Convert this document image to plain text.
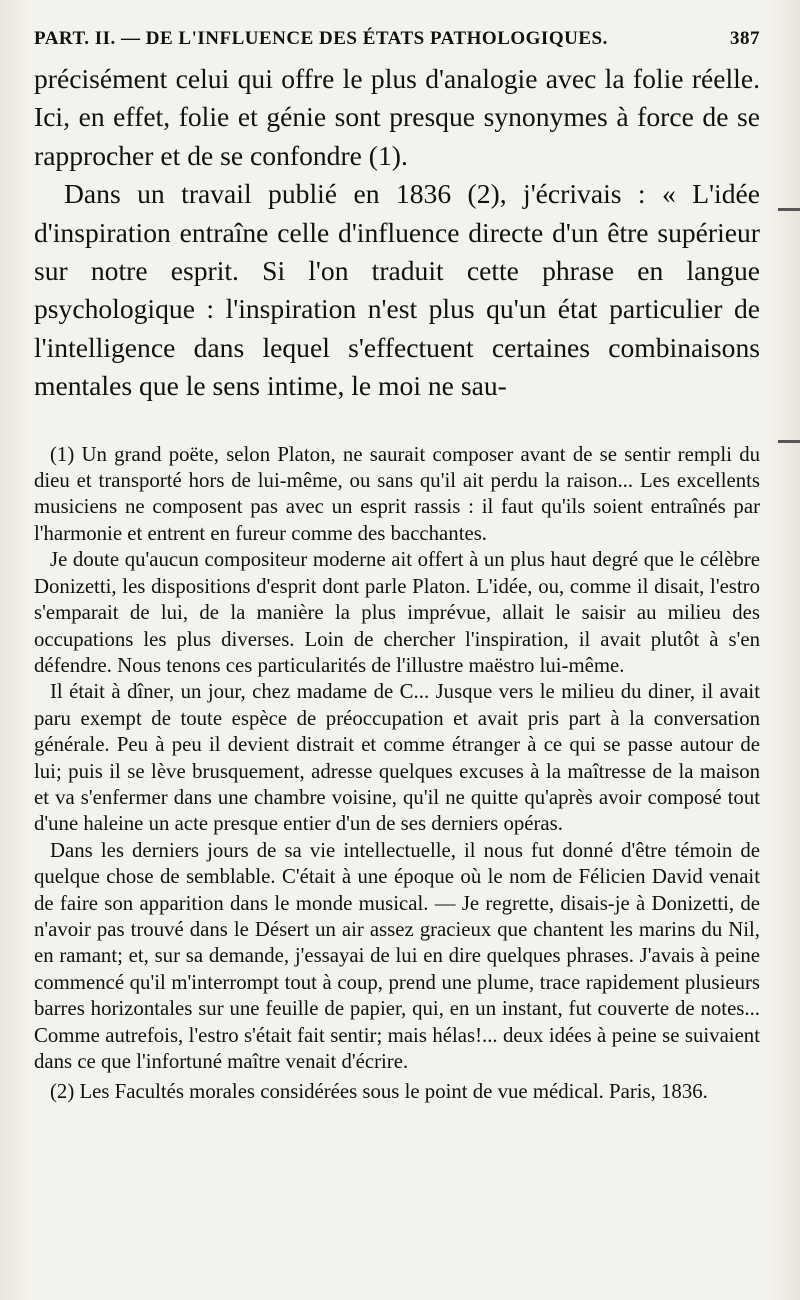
PART. II. — DE L'INFLUENCE DES ÉTATS PATHOLOGIQUES.	387

précisément celui qui offre le plus d'analogie avec la folie réelle. Ici, en effet, folie et génie sont presque synonymes à force de se rapprocher et de se confondre (1).

Dans un travail publié en 1836 (2), j'écrivais : « L'idée d'inspiration entraîne celle d'influence directe d'un être supérieur sur notre esprit. Si l'on traduit cette phrase en langue psychologique : l'inspiration n'est plus qu'un état particulier de l'intelligence dans lequel s'effectuent certaines combinaisons mentales que le sens intime, le moi ne sau-

(1) Un grand poëte, selon Platon, ne saurait composer avant de se sentir rempli du dieu et transporté hors de lui-même, ou sans qu'il ait perdu la raison... Les excellents musiciens ne composent pas avec un esprit rassis : il faut qu'ils soient entraînés par l'harmonie et entrent en fureur comme des bacchantes.

Je doute qu'aucun compositeur moderne ait offert à un plus haut degré que le célèbre Donizetti, les dispositions d'esprit dont parle Platon. L'idée, ou, comme il disait, l'estro s'emparait de lui, de la manière la plus imprévue, allait le saisir au milieu des occupations les plus diverses. Loin de chercher l'inspiration, il avait plutôt à s'en défendre. Nous tenons ces particularités de l'illustre maëstro lui-même.

Il était à dîner, un jour, chez madame de C... Jusque vers le milieu du diner, il avait paru exempt de toute espèce de préoccupation et avait pris part à la conversation générale. Peu à peu il devient distrait et comme étranger à ce qui se passe autour de lui; puis il se lève brusquement, adresse quelques excuses à la maîtresse de la maison et va s'enfermer dans une chambre voisine, qu'il ne quitte qu'après avoir composé tout d'une haleine un acte presque entier d'un de ses derniers opéras.

Dans les derniers jours de sa vie intellectuelle, il nous fut donné d'être témoin de quelque chose de semblable. C'était à une époque où le nom de Félicien David venait de faire son apparition dans le monde musical. — Je regrette, disais-je à Donizetti, de n'avoir pas trouvé dans le Désert un air assez gracieux que chantent les marins du Nil, en ramant; et, sur sa demande, j'essayai de lui en dire quelques phrases. J'avais à peine commencé qu'il m'interrompt tout à coup, prend une plume, trace rapidement plusieurs barres horizontales sur une feuille de papier, qui, en un instant, fut couverte de notes... Comme autrefois, l'estro s'était fait sentir; mais hélas!... deux idées à peine se suivaient dans ce que l'infortuné maître venait d'écrire.

(2) Les Facultés morales considérées sous le point de vue médical. Paris, 1836.
